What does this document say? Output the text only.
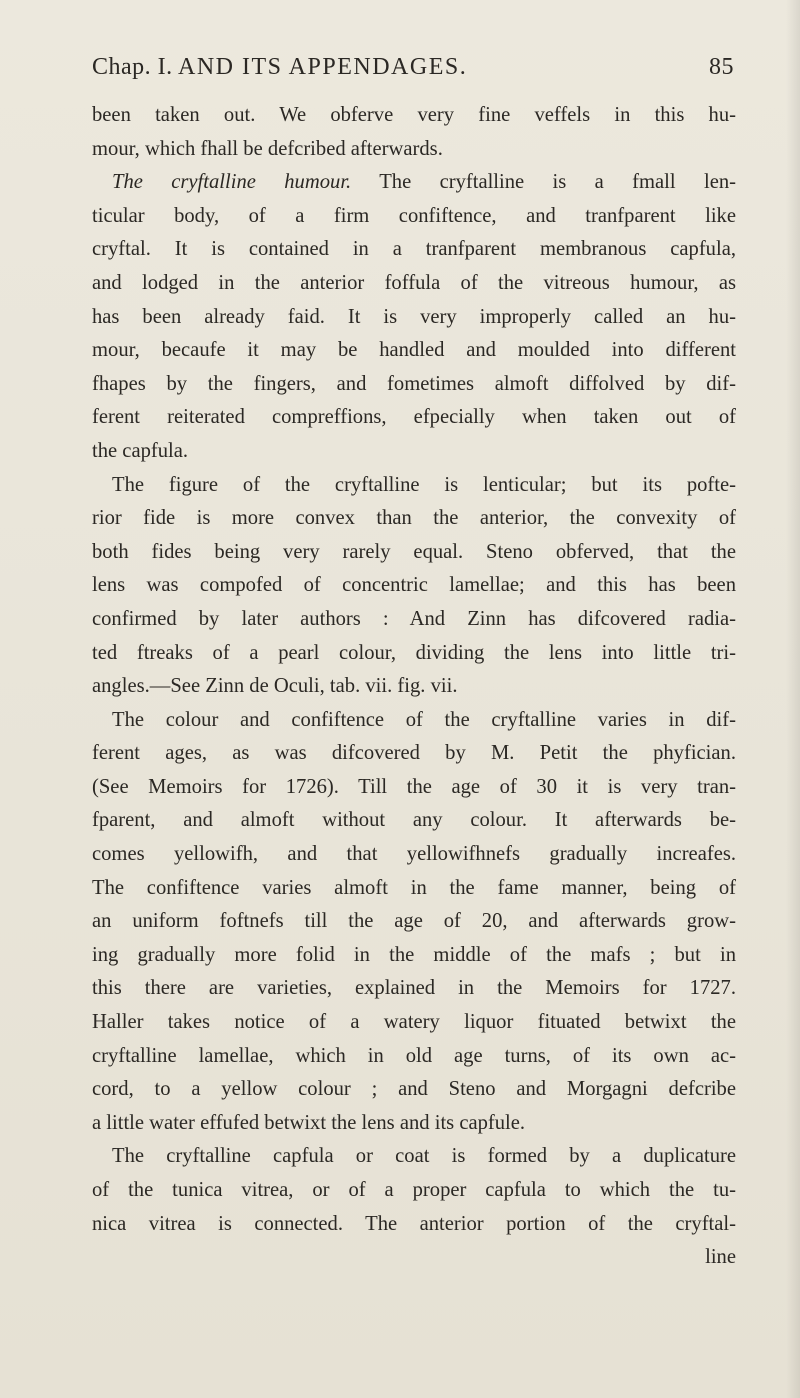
Chap. I. AND ITS APPENDAGES.	85
been taken out. We obferve very fine veffels in this hu-
mour, which fhall be defcribed afterwards.
The cryftalline humour. The cryftalline is a fmall len-
ticular body, of a firm confiftence, and tranfparent like
cryftal. It is contained in a tranfparent membranous capfula,
and lodged in the anterior foffula of the vitreous humour, as
has been already faid. It is very improperly called an hu-
mour, becaufe it may be handled and moulded into different
fhapes by the fingers, and fometimes almoft diffolved by dif-
ferent reiterated compreffions, efpecially when taken out of
the capfula.
The figure of the cryftalline is lenticular; but its pofte-
rior fide is more convex than the anterior, the convexity of
both fides being very rarely equal. Steno obferved, that the
lens was compofed of concentric lamellae; and this has been
confirmed by later authors : And Zinn has difcovered radia-
ted ftreaks of a pearl colour, dividing the lens into little tri-
angles.—See Zinn de Oculi, tab. vii. fig. vii.
The colour and confiftence of the cryftalline varies in dif-
ferent ages, as was difcovered by M. Petit the phyfician.
(See Memoirs for 1726). Till the age of 30 it is very tran-
fparent, and almoft without any colour. It afterwards be-
comes yellowifh, and that yellowifhnefs gradually increafes.
The confiftence varies almoft in the fame manner, being of
an uniform foftnefs till the age of 20, and afterwards grow-
ing gradually more folid in the middle of the mafs ; but in
this there are varieties, explained in the Memoirs for 1727.
Haller takes notice of a watery liquor fituated betwixt the
cryftalline lamellae, which in old age turns, of its own ac-
cord, to a yellow colour ; and Steno and Morgagni defcribe
a little water effufed betwixt the lens and its capfule.
The cryftalline capfula or coat is formed by a duplicature
of the tunica vitrea, or of a proper capfula to which the tu-
nica vitrea is connected. The anterior portion of the cryftal-
line
